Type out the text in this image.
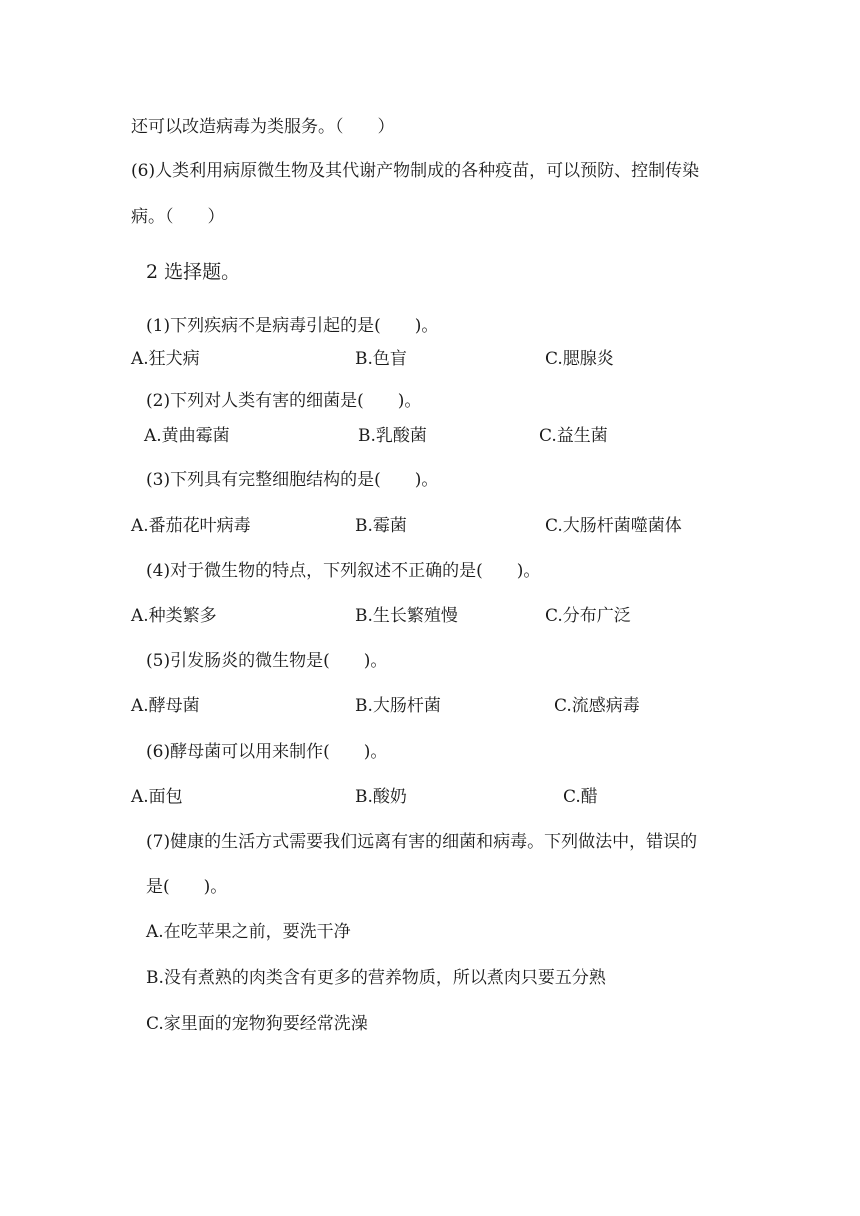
还可以改造病毒为类服务。（　　）
(6)人类利用病原微生物及其代谢产物制成的各种疫苗，可以预防、控制传染
病。（　　）
2 选择题。
(1)下列疾病不是病毒引起的是(　　)。
A.狂犬病	B.色盲	C.腮腺炎
(2)下列对人类有害的细菌是(　　)。
A.黄曲霉菌	B.乳酸菌	C.益生菌
(3)下列具有完整细胞结构的是(　　)。
A.番茄花叶病毒	B.霉菌	C.大肠杆菌噬菌体
(4)对于微生物的特点，下列叙述不正确的是(　　)。
A.种类繁多	B.生长繁殖慢	C.分布广泛
(5)引发肠炎的微生物是(　　)。
A.酵母菌	B.大肠杆菌	C.流感病毒
(6)酵母菌可以用来制作(　　)。
A.面包	B.酸奶	C.醋
(7)健康的生活方式需要我们远离有害的细菌和病毒。下列做法中，错误的
是(　　)。
A.在吃苹果之前，要洗干净
B.没有煮熟的肉类含有更多的营养物质，所以煮肉只要五分熟
C.家里面的宠物狗要经常洗澡
